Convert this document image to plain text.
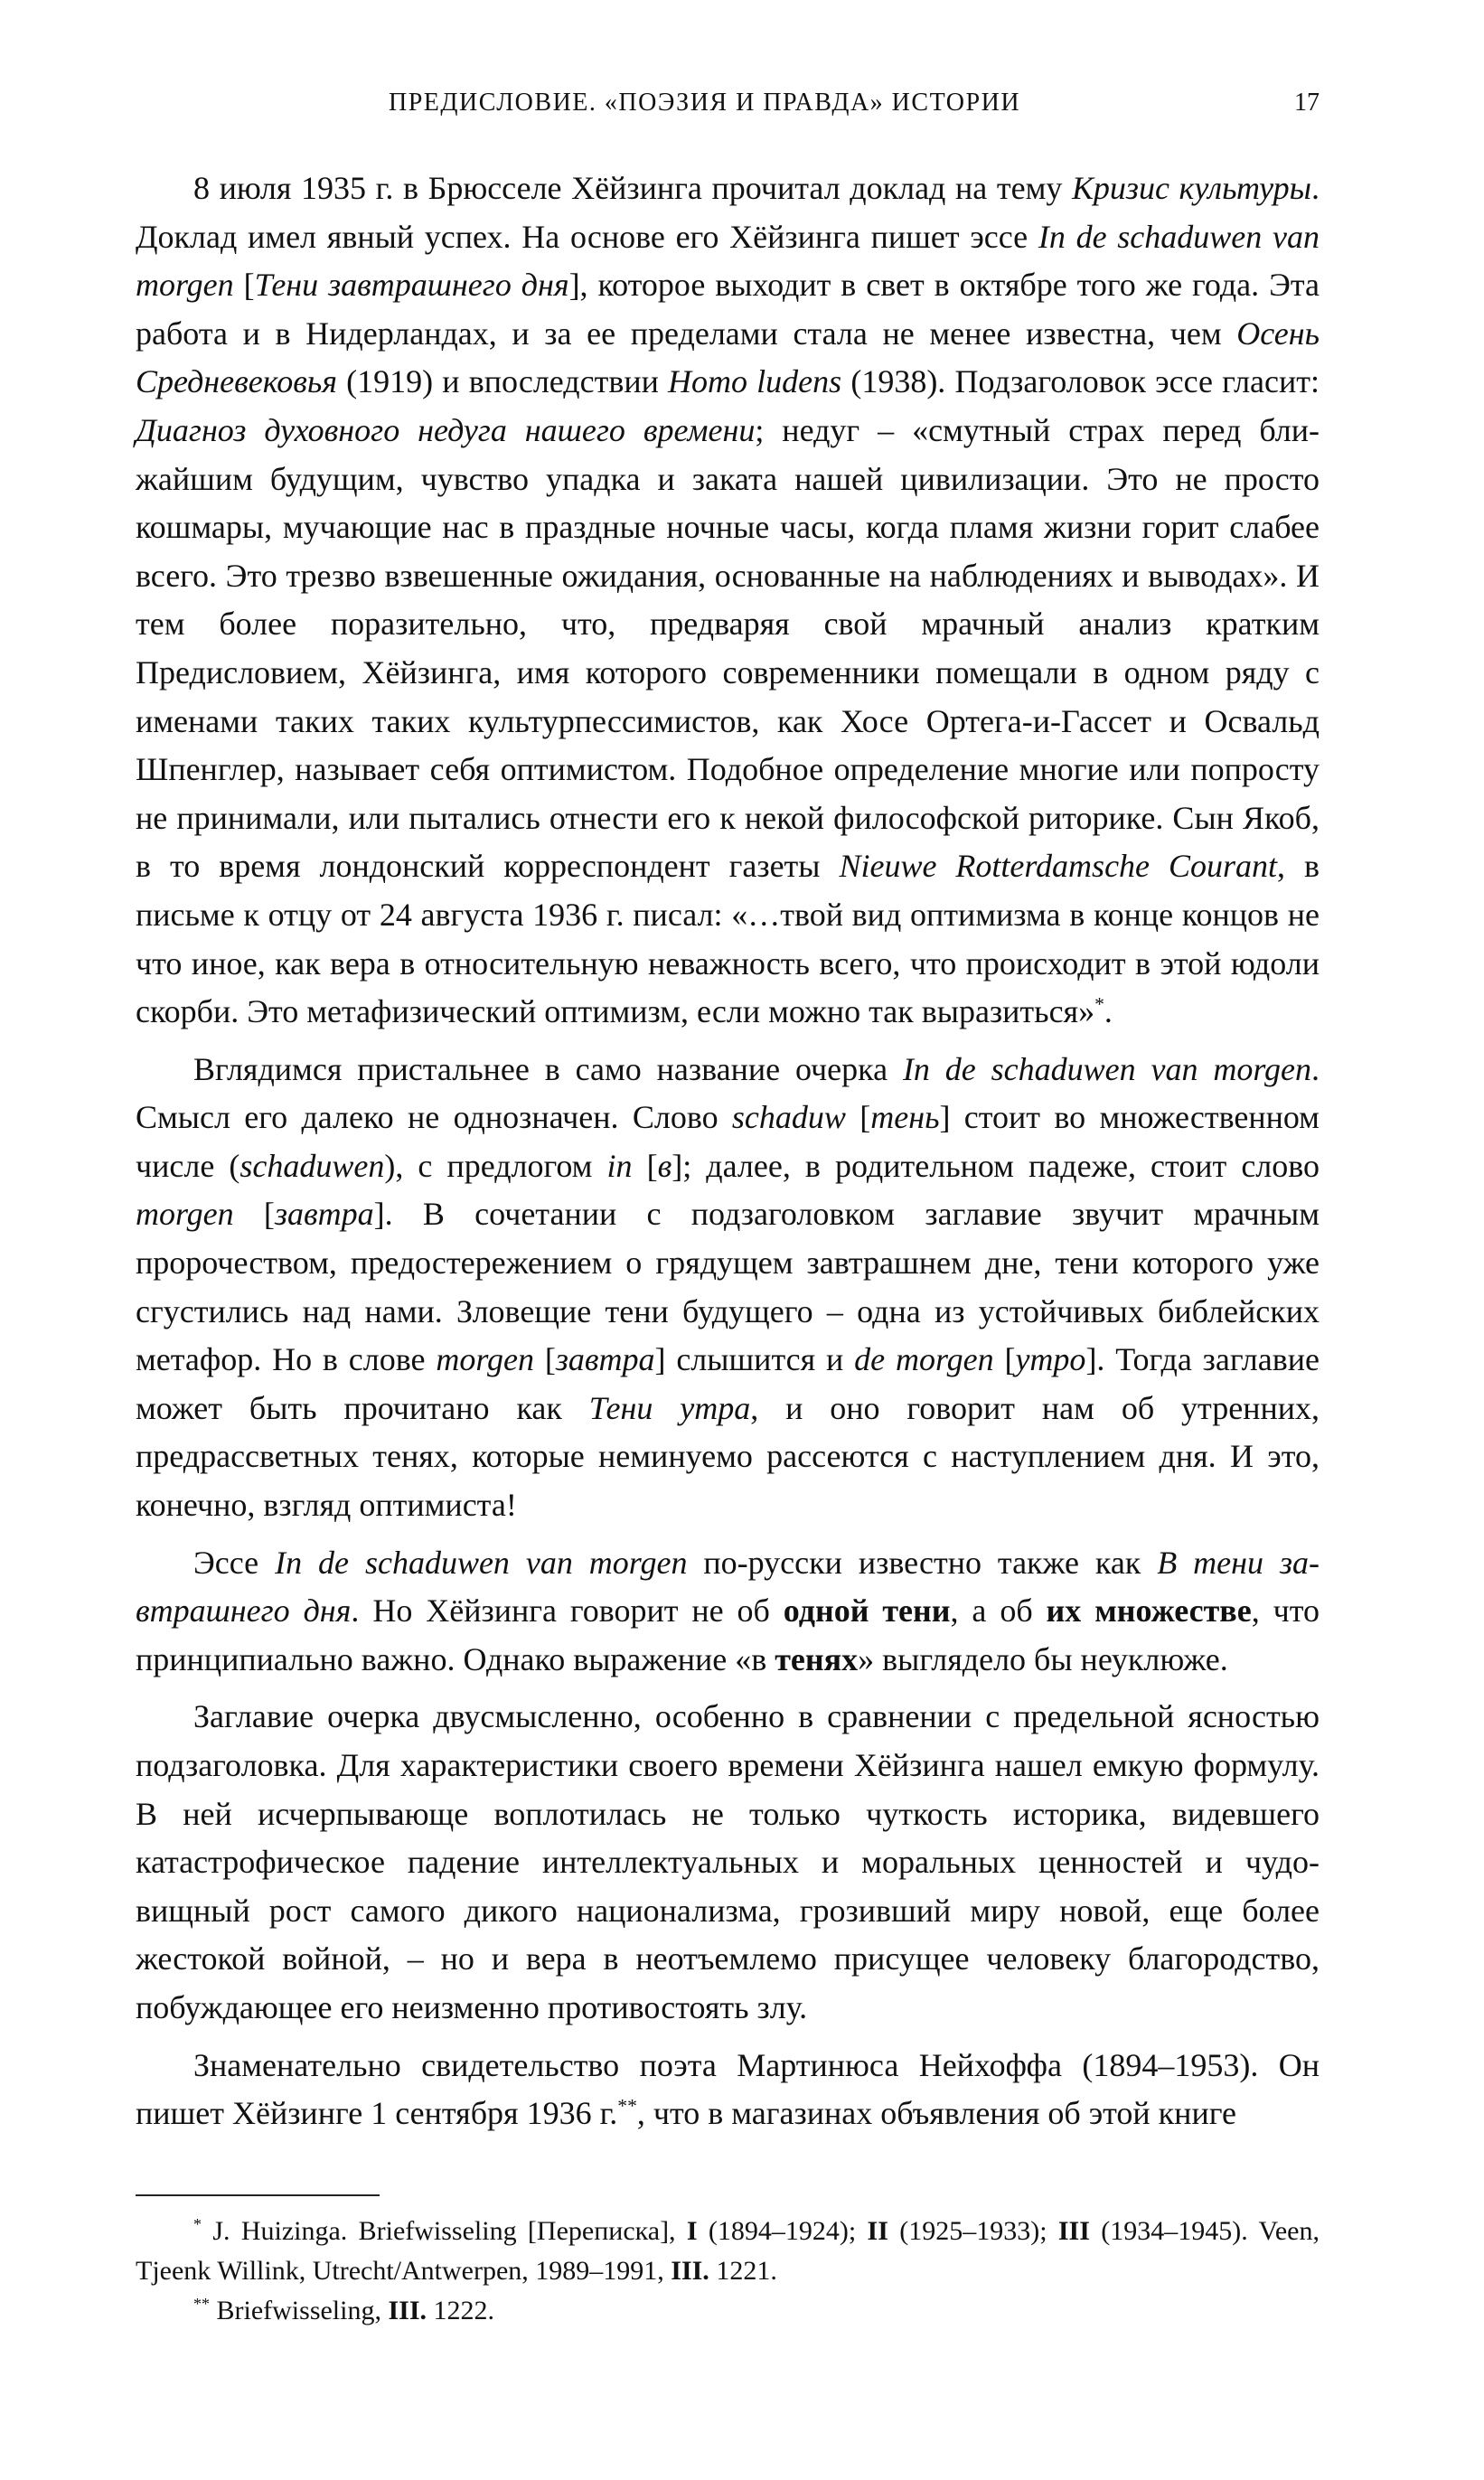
ПРЕДИСЛОВИЕ. «ПОЭЗИЯ И ПРАВДА» ИСТОРИИ	17

8 июля 1935 г. в Брюсселе Хёйзинга прочитал доклад на тему Кризис культуры. Доклад имел явный успех. На основе его Хёйзинга пишет эссе In de schaduwen van morgen [Тени завтрашнего дня], которое выходит в свет в октябре того же года. Эта работа и в Нидерландах, и за ее пределами стала не менее известна, чем Осень Средневековья (1919) и впоследствии Homo ludens (1938). Подзаголовок эссе гласит: Диагноз духовного недуга нашего времени; недуг – «смутный страх перед ближайшим будущим, чувство упадка и заката нашей цивилизации. Это не просто кошмары, мучающие нас в праздные ночные часы, когда пламя жизни горит слабее всего. Это трезво взвешенные ожидания, основанные на наблюдениях и выводах». И тем более поразительно, что, предваряя свой мрачный анализ кратким Предисловием, Хёйзинга, имя которого современники помещали в одном ряду с именами таких таких культурпессимистов, как Хосе Ортега-и-Гассет и Освальд Шпенглер, называет себя оптимистом. Подобное определение многие или попросту не принимали, или пытались отнести его к некой философской риторике. Сын Якоб, в то время лондонский корреспондент газеты Nieuwe Rotterdamsche Courant, в письме к отцу от 24 августа 1936 г. писал: «…твой вид оптимизма в конце концов не что иное, как вера в относительную неважность всего, что происходит в этой юдоли скорби. Это метафизический оптимизм, если можно так выразиться»*.

Вглядимся пристальнее в само название очерка In de schaduwen van morgen. Смысл его далеко не однозначен. Слово schaduw [тень] стоит во множественном числе (schaduwen), с предлогом in [в]; далее, в родительном падеже, стоит слово morgen [завтра]. В сочетании с подзаголовком заглавие звучит мрачным пророчеством, предостережением о грядущем завтрашнем дне, тени которого уже сгустились над нами. Зловещие тени будущего – одна из устойчивых библейских метафор. Но в слове morgen [завтра] слышится и de morgen [утро]. Тогда заглавие может быть прочитано как Тени утра, и оно говорит нам об утренних, предрассветных тенях, которые неминуемо рассеются с наступлением дня. И это, конечно, взгляд оптимиста!

Эссе In de schaduwen van morgen по-русски известно также как В тени завтрашнего дня. Но Хёйзинга говорит не об одной тени, а об их множестве, что принципиально важно. Однако выражение «в тенях» выглядело бы неуклюже.

Заглавие очерка двусмысленно, особенно в сравнении с предельной ясностью подзаголовка. Для характеристики своего времени Хёйзинга нашел емкую формулу. В ней исчерпывающе воплотилась не только чуткость историка, видевшего катастрофическое падение интеллектуальных и моральных ценностей и чудовищный рост самого дикого национализма, грозивший миру новой, еще более жестокой войной, – но и вера в неотъемлемо присущее человеку благородство, побуждающее его неизменно противостоять злу.

Знаменательно свидетельство поэта Мартинюса Нейхоффа (1894–1953). Он пишет Хёйзинге 1 сентября 1936 г.**, что в магазинах объявления об этой книге

* J. Huizinga. Briefwisseling [Переписка], I (1894–1924); II (1925–1933); III (1934–1945). Veen, Tjeenk Willink, Utrecht/Antwerpen, 1989–1991, III. 1221.

** Briefwisseling, III. 1222.
